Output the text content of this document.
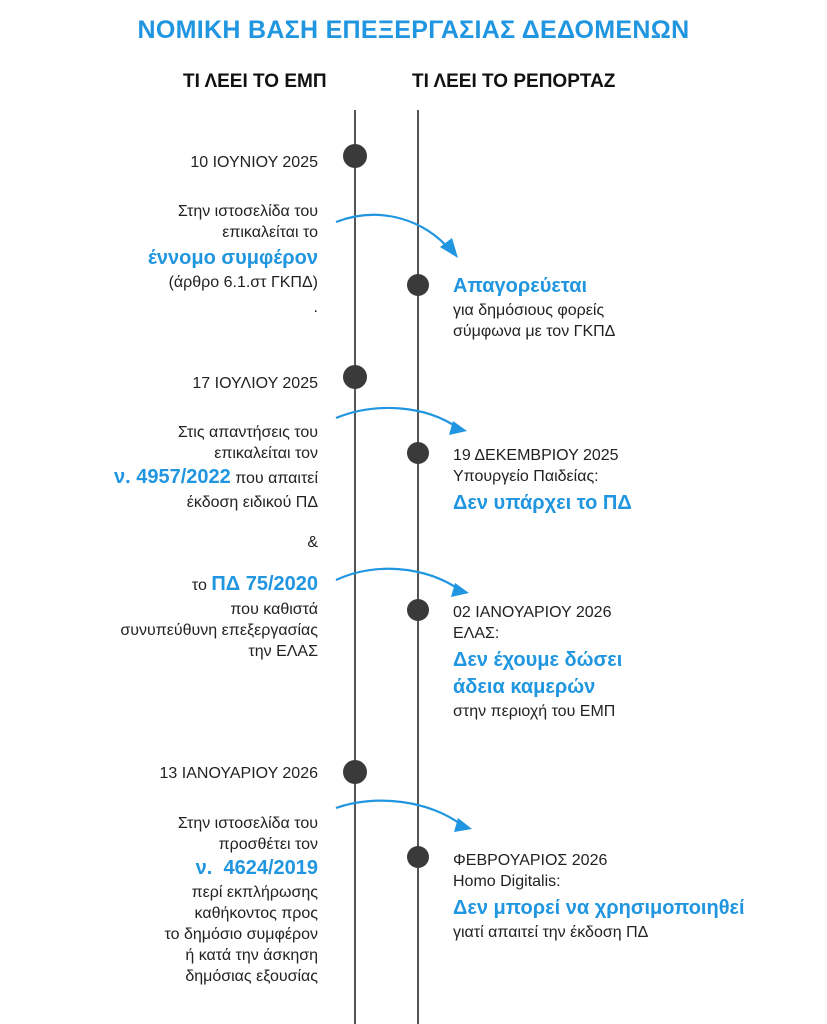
ΝΟΜΙΚΗ ΒΑΣΗ ΕΠΕΞΕΡΓΑΣΙΑΣ ΔΕΔΟΜΕΝΩΝ
ΤΙ ΛΕΕΙ ΤΟ ΕΜΠ	ΤΙ ΛΕΕΙ ΤΟ ΡΕΠΟΡΤΑΖ
10 ΙΟΥΝΙΟΥ 2025
Στην ιστοσελίδα του
επικαλείται το
έννομο συμφέρον
(άρθρο 6.1.στ ΓΚΠΔ)
.
17 ΙΟΥΛΙΟΥ 2025
Στις απαντήσεις του
επικαλείται τον
ν. 4957/2022 που απαιτεί
έκδοση ειδικού ΠΔ
&
το ΠΔ 75/2020
που καθιστά
συνυπεύθυνη επεξεργασίας
την ΕΛΑΣ
13 ΙΑΝΟΥΑΡΙΟΥ 2026
Στην ιστοσελίδα του
προσθέτει τον
ν.  4624/2019
περί εκπλήρωσης
καθήκοντος προς
το δημόσιο συμφέρον
ή κατά την άσκηση
δημόσιας εξουσίας
Απαγορεύεται
για δημόσιους φορείς
σύμφωνα με τον ΓΚΠΔ
19 ΔΕΚΕΜΒΡΙΟΥ 2025
Υπουργείο Παιδείας:
Δεν υπάρχει το ΠΔ
02 ΙΑΝΟΥΑΡΙΟΥ 2026
ΕΛΑΣ:
Δεν έχουμε δώσει
άδεια καμερών
στην περιοχή του ΕΜΠ
ΦΕΒΡΟΥΑΡΙΟΣ 2026
Homo Digitalis:
Δεν μπορεί να χρησιμοποιηθεί
γιατί απαιτεί την έκδοση ΠΔ
